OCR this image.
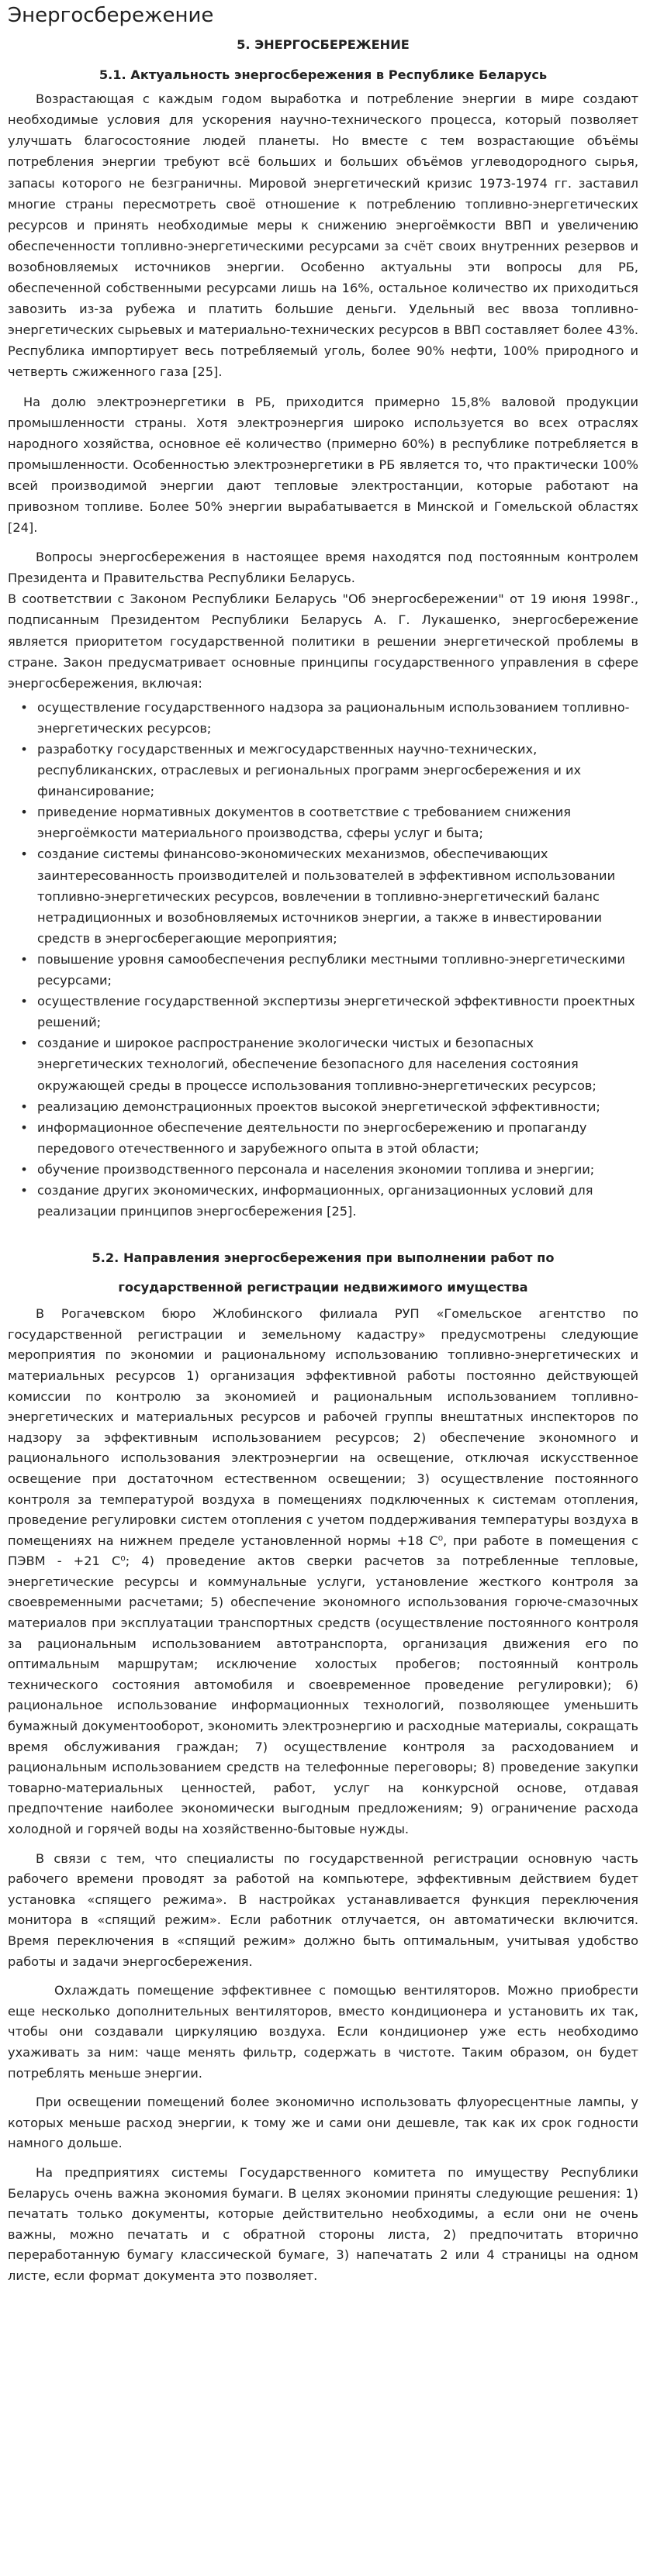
Энергосбережение
5. ЭНЕРГОСБЕРЕЖЕНИЕ
5.1. Актуальность энергосбережения в Республике Беларусь

Возрастающая с каждым годом выработка и потребление энергии в мире создают необходимые условия для ускорения научно-технического процесса, который позволяет улучшать благосостояние людей планеты. Но вместе с тем возрастающие объёмы потребления энергии требуют всё больших и больших объёмов углеводородного сырья, запасы которого не безграничны. Мировой энергетический кризис 1973-1974 гг. заставил многие страны пересмотреть своё отношение к потреблению топливно-энергетических ресурсов и принять необходимые меры к снижению энергоёмкости ВВП и увеличению обеспеченности топливно-энергетическими ресурсами за счёт своих внутренних резервов и возобновляемых источников энергии. Особенно актуальны эти вопросы для РБ, обеспеченной собственными ресурсами лишь на 16%, остальное количество их приходиться завозить из-за рубежа и платить большие деньги. Удельный вес ввоза топливно-энергетических сырьевых и материально-технических ресурсов в ВВП составляет более 43%. Республика импортирует весь потребляемый уголь, более 90% нефти, 100% природного и четверть сжиженного газа [25].

На долю электроэнергетики в РБ, приходится примерно 15,8% валовой продукции промышленности страны. Хотя электроэнергия широко используется во всех отраслях народного хозяйства, основное её количество (примерно 60%) в республике потребляется в промышленности. Особенностью электроэнергетики в РБ является то, что практически 100% всей производимой энергии дают тепловые электростанции, которые работают на привозном топливе. Более 50% энергии вырабатывается в Минской и Гомельской областях [24].

Вопросы энергосбережения в настоящее время находятся под постоянным контролем Президента и Правительства Республики Беларусь.

В соответствии с Законом Республики Беларусь "Об энергосбережении" от 19 июня 1998г., подписанным Президентом Республики Беларусь А. Г. Лукашенко, энергосбережение является приоритетом государственной политики в решении энергетической проблемы в стране. Закон предусматривает основные принципы государственного управления в сфере энергосбережения, включая:

• осуществление государственного надзора за рациональным использованием топливно-энергетических ресурсов;
• разработку государственных и межгосударственных научно-технических, республиканских, отраслевых и региональных программ энергосбережения и их финансирование;
• приведение нормативных документов в соответствие с требованием снижения энергоёмкости материального производства, сферы услуг и быта;
• создание системы финансово-экономических механизмов, обеспечивающих заинтересованность производителей и пользователей в эффективном использовании топливно-энергетических ресурсов, вовлечении в топливно-энергетический баланс нетрадиционных и возобновляемых источников энергии, а также в инвестировании средств в энергосберегающие мероприятия;
• повышение уровня самообеспечения республики местными топливно-энергетическими ресурсами;
• осуществление государственной экспертизы энергетической эффективности проектных решений;
• создание и широкое распространение экологически чистых и безопасных энергетических технологий, обеспечение безопасного для населения состояния окружающей среды в процессе использования топливно-энергетических ресурсов;
• реализацию демонстрационных проектов высокой энергетической эффективности;
• информационное обеспечение деятельности по энергосбережению и пропаганду передового отечественного и зарубежного опыта в этой области;
• обучение производственного персонала и населения экономии топлива и энергии;
• создание других экономических, информационных, организационных условий для реализации принципов энергосбережения [25].
5.2. Направления энергосбережения при выполнении работ по
государственной регистрации недвижимого имущества

В Рогачевском бюро Жлобинского филиала РУП «Гомельское агентство по государственной регистрации и земельному кадастру» предусмотрены следующие мероприятия по экономии и рациональному использованию топливно-энергетических и материальных ресурсов 1) организация эффективной работы постоянно действующей комиссии по контролю за экономией и рациональным использованием топливно-энергетических и материальных ресурсов и рабочей группы внештатных инспекторов по надзору за эффективным использованием ресурсов; 2) обеспечение экономного и рационального использования электроэнергии на освещение, отключая искусственное освещение при достаточном естественном освещении; 3) осуществление постоянного контроля за температурой воздуха в помещениях подключенных к системам отопления, проведение регулировки систем отопления с учетом поддерживания температуры воздуха в помещениях на нижнем пределе установленной нормы +18 С⁰, при работе в помещения с ПЭВМ - +21 С⁰; 4) проведение актов сверки расчетов за потребленные тепловые, энергетические ресурсы и коммунальные услуги, установление жесткого контроля за своевременными расчетами; 5) обеспечение экономного использования горюче-смазочных материалов при эксплуатации транспортных средств (осуществление постоянного контроля за рациональным использованием автотранспорта, организация движения его по оптимальным маршрутам; исключение холостых пробегов; постоянный контроль технического состояния автомобиля и своевременное проведение регулировки); 6) рациональное использование информационных технологий, позволяющее уменьшить бумажный документооборот, экономить электроэнергию и расходные материалы, сокращать время обслуживания граждан; 7) осуществление контроля за расходованием и рациональным использованием средств на телефонные переговоры; 8) проведение закупки товарно-материальных ценностей, работ, услуг на конкурсной основе, отдавая предпочтение наиболее экономически выгодным предложениям; 9) ограничение расхода холодной и горячей воды на хозяйственно-бытовые нужды.

В связи с тем, что специалисты по государственной регистрации основную часть рабочего времени проводят за работой на компьютере, эффективным действием будет установка «спящего режима». В настройках устанавливается функция переключения монитора в «спящий режим». Если работник отлучается, он автоматически включится. Время переключения в «спящий режим» должно быть оптимальным, учитывая удобство работы и задачи энергосбережения.

Охлаждать помещение эффективнее с помощью вентиляторов. Можно приобрести еще несколько дополнительных вентиляторов, вместо кондиционера и установить их так, чтобы они создавали циркуляцию воздуха. Если кондиционер уже есть необходимо ухаживать за ним: чаще менять фильтр, содержать в чистоте. Таким образом, он будет потреблять меньше энергии.

При освещении помещений более экономично использовать флуоресцентные лампы, у которых меньше расход энергии, к тому же и сами они дешевле, так как их срок годности намного дольше.

На предприятиях системы Государственного комитета по имуществу Республики Беларусь очень важна экономия бумаги. В целях экономии приняты следующие решения: 1) печатать только документы, которые действительно необходимы, а если они не очень важны, можно печатать и с обратной стороны листа, 2) предпочитать вторично переработанную бумагу классической бумаге, 3) напечатать 2 или 4 страницы на одном листе, если формат документа это позволяет.
